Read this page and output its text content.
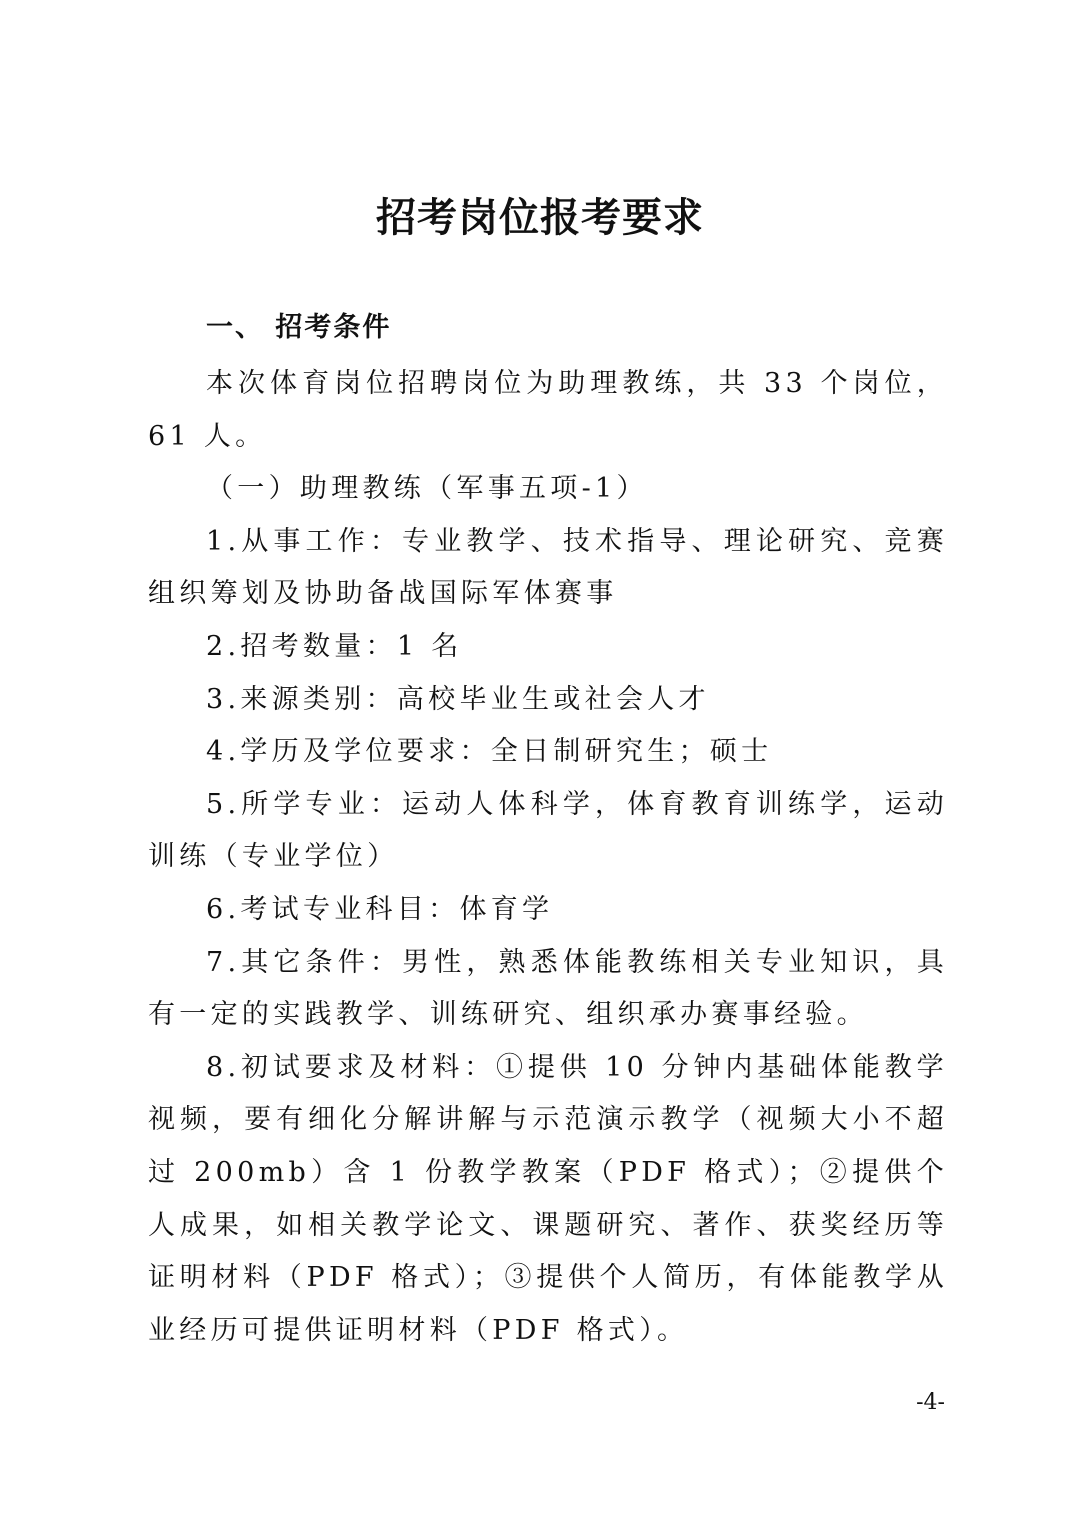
招考岗位报考要求
一、 招考条件

本次体育岗位招聘岗位为助理教练，共 33 个岗位，61 人。

（一）助理教练（军事五项-1）

1.从事工作：专业教学、技术指导、理论研究、竞赛组织筹划及协助备战国际军体赛事

2.招考数量：1 名

3.来源类别：高校毕业生或社会人才

4.学历及学位要求：全日制研究生；硕士

5.所学专业：运动人体科学，体育教育训练学，运动训练（专业学位）

6.考试专业科目：体育学

7.其它条件：男性，熟悉体能教练相关专业知识，具有一定的实践教学、训练研究、组织承办赛事经验。

8.初试要求及材料：①提供 10 分钟内基础体能教学视频，要有细化分解讲解与示范演示教学（视频大小不超过 200mb）含 1 份教学教案（PDF 格式）；②提供个人成果，如相关教学论文、课题研究、著作、获奖经历等证明材料（PDF 格式）；③提供个人简历，有体能教学从业经历可提供证明材料（PDF 格式）。

-4-
